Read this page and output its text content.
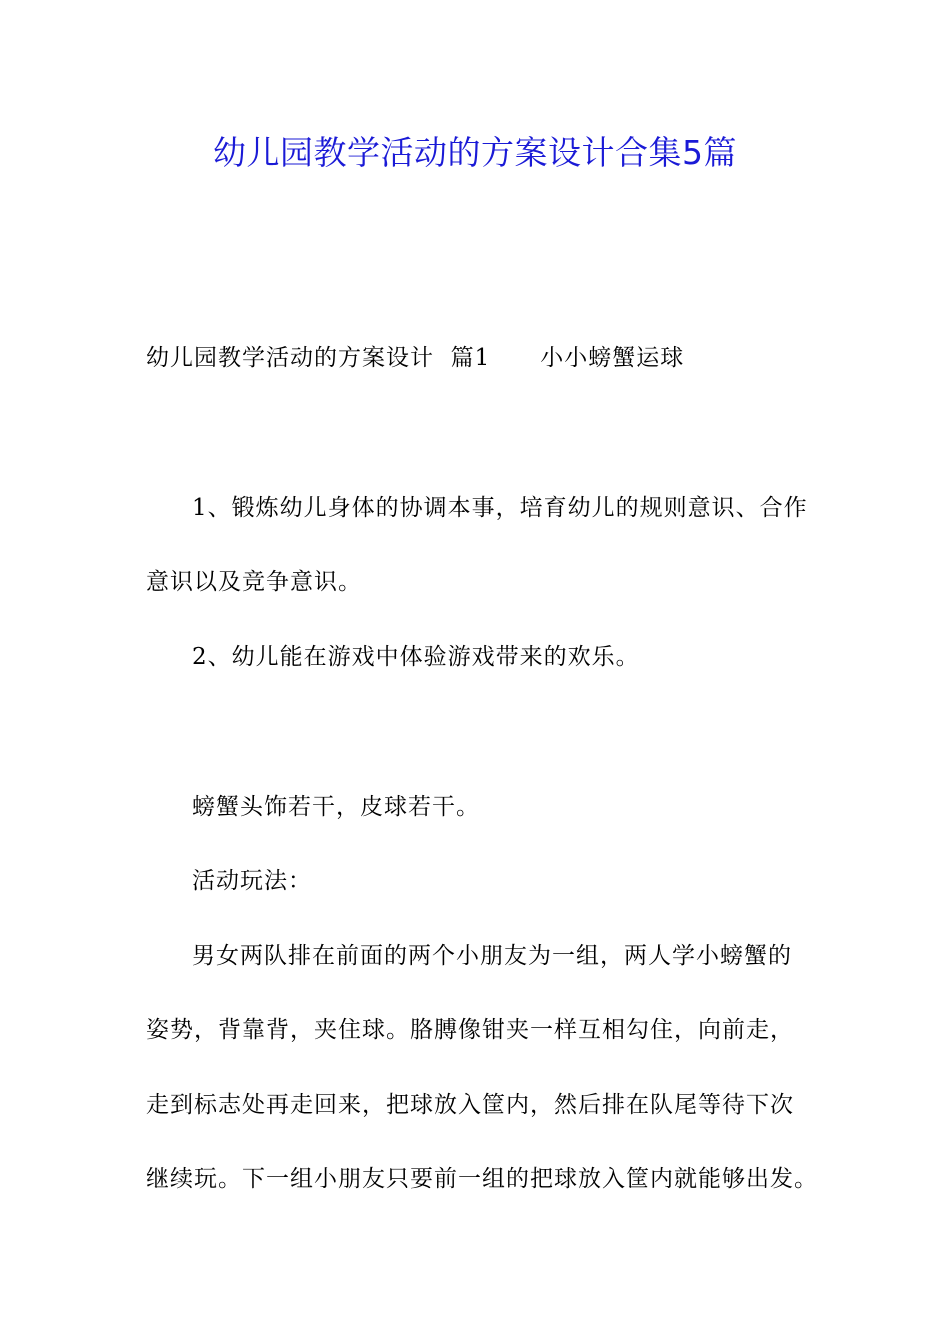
幼儿园教学活动的方案设计合集5篇
幼儿园教学活动的方案设计  篇1 小小螃蟹运球
1、锻炼幼儿身体的协调本事，培育幼儿的规则意识、合作
意识以及竞争意识。
2、幼儿能在游戏中体验游戏带来的欢乐。
螃蟹头饰若干，皮球若干。
活动玩法：
男女两队排在前面的两个小朋友为一组，两人学小螃蟹的
姿势，背靠背，夹住球。胳膊像钳夹一样互相勾住，向前走，
走到标志处再走回来，把球放入筐内，然后排在队尾等待下次
继续玩。下一组小朋友只要前一组的把球放入筐内就能够出发。
